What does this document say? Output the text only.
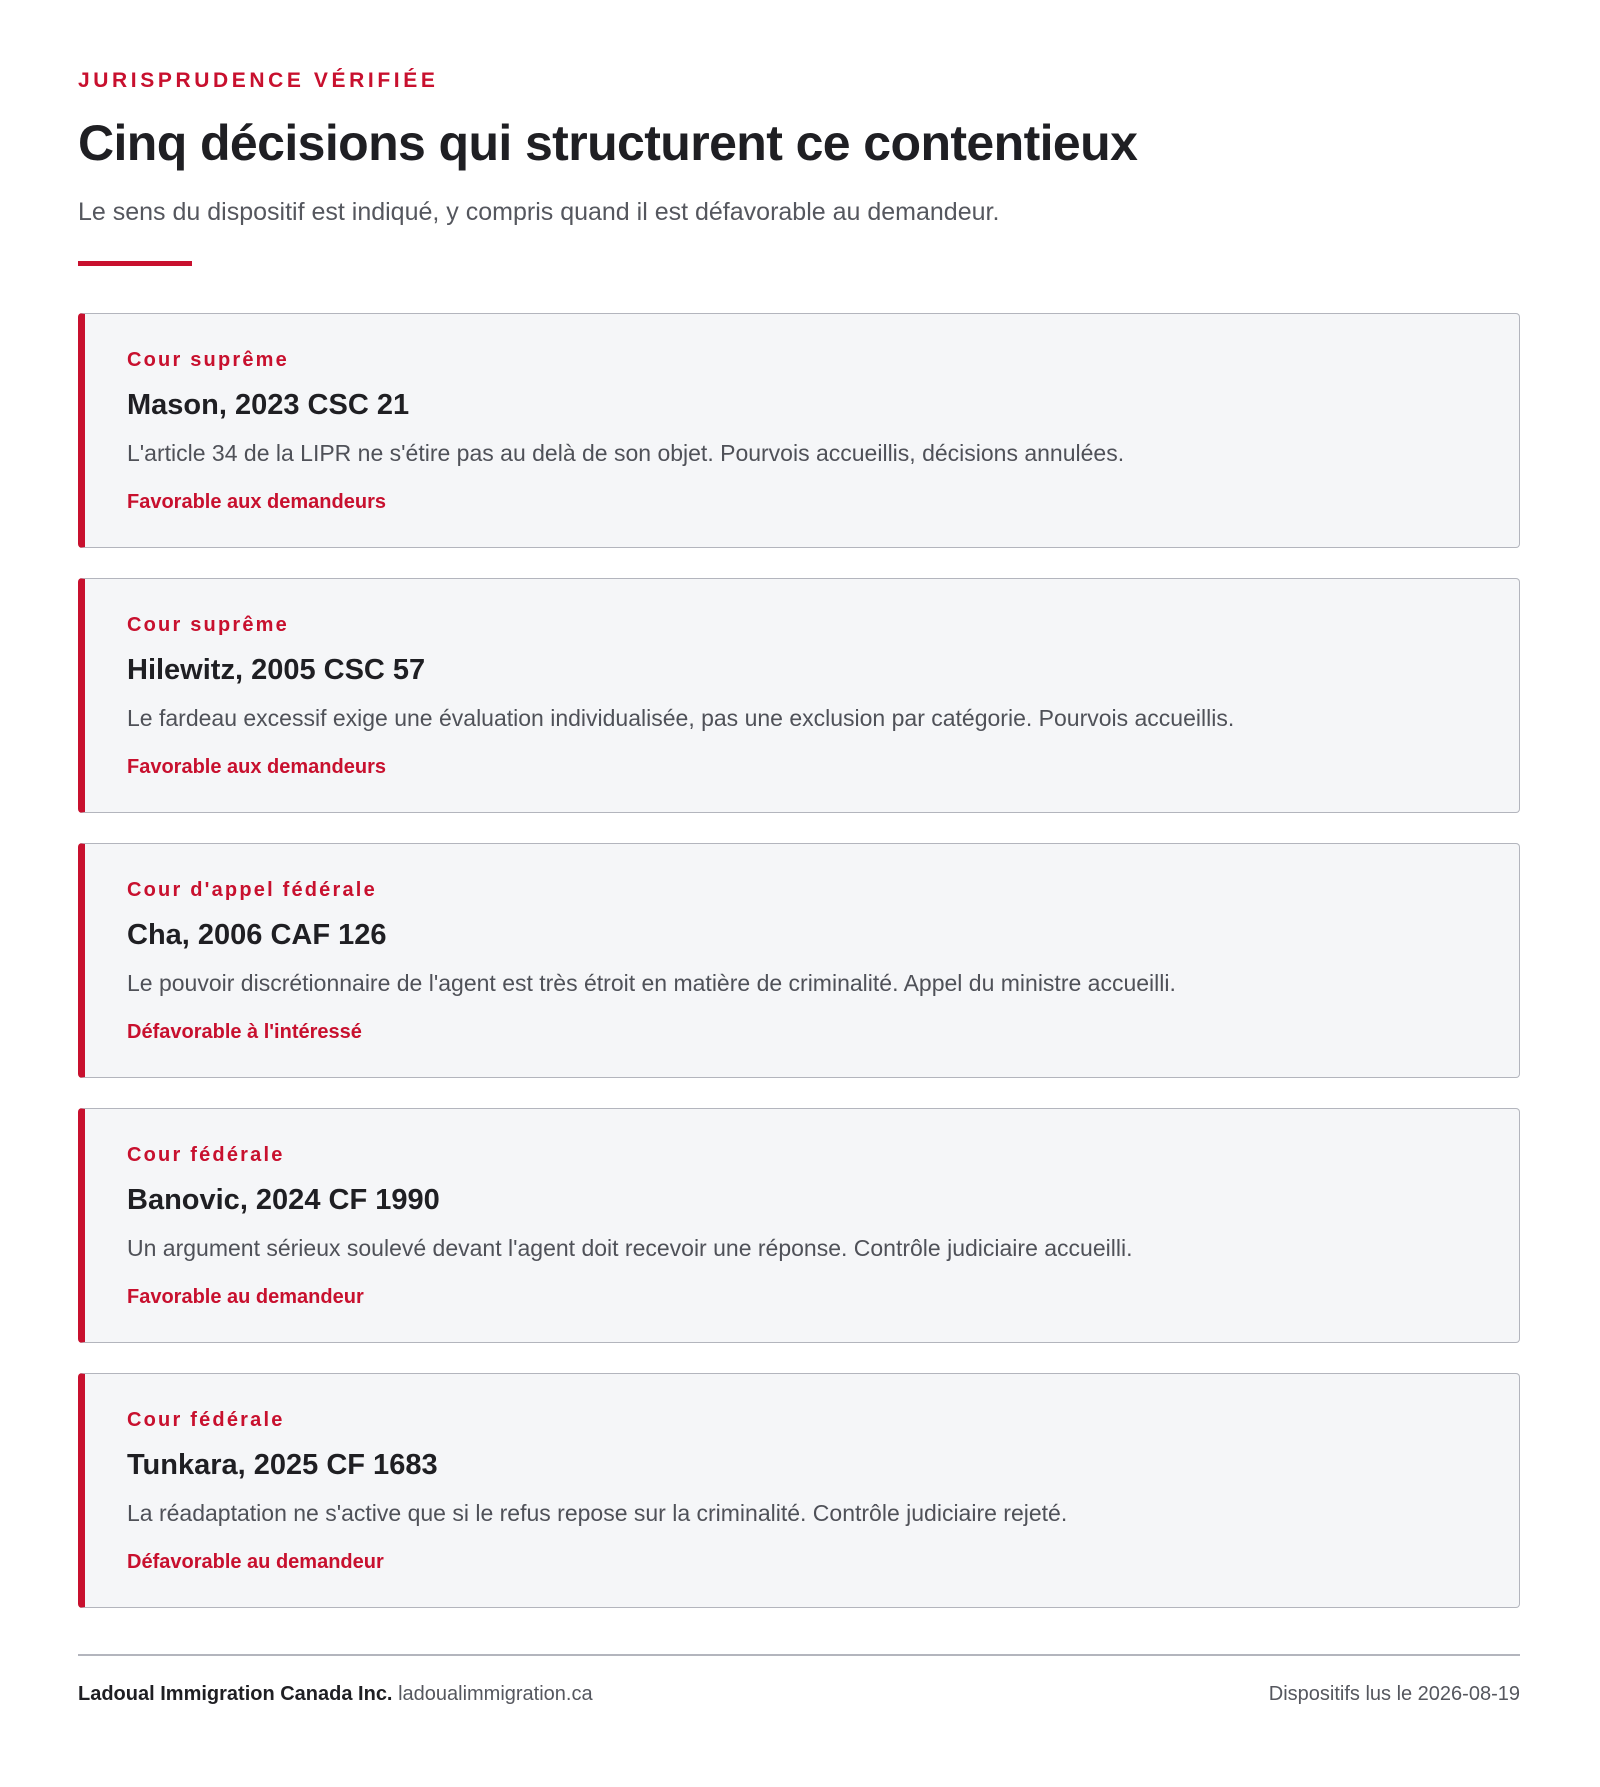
JURISPRUDENCE VÉRIFIÉE

Cinq décisions qui structurent ce contentieux

Le sens du dispositif est indiqué, y compris quand il est défavorable au demandeur.

Cour suprême

Mason, 2023 CSC 21

L'article 34 de la LIPR ne s'étire pas au delà de son objet. Pourvois accueillis, décisions annulées.

Favorable aux demandeurs

Cour suprême

Hilewitz, 2005 CSC 57

Le fardeau excessif exige une évaluation individualisée, pas une exclusion par catégorie. Pourvois accueillis.

Favorable aux demandeurs

Cour d'appel fédérale

Cha, 2006 CAF 126

Le pouvoir discrétionnaire de l'agent est très étroit en matière de criminalité. Appel du ministre accueilli.

Défavorable à l'intéressé

Cour fédérale

Banovic, 2024 CF 1990

Un argument sérieux soulevé devant l'agent doit recevoir une réponse. Contrôle judiciaire accueilli.

Favorable au demandeur

Cour fédérale

Tunkara, 2025 CF 1683

La réadaptation ne s'active que si le refus repose sur la criminalité. Contrôle judiciaire rejeté.

Défavorable au demandeur

Ladoual Immigration Canada Inc. ladoualimmigration.ca	Dispositifs lus le 2026-08-19
